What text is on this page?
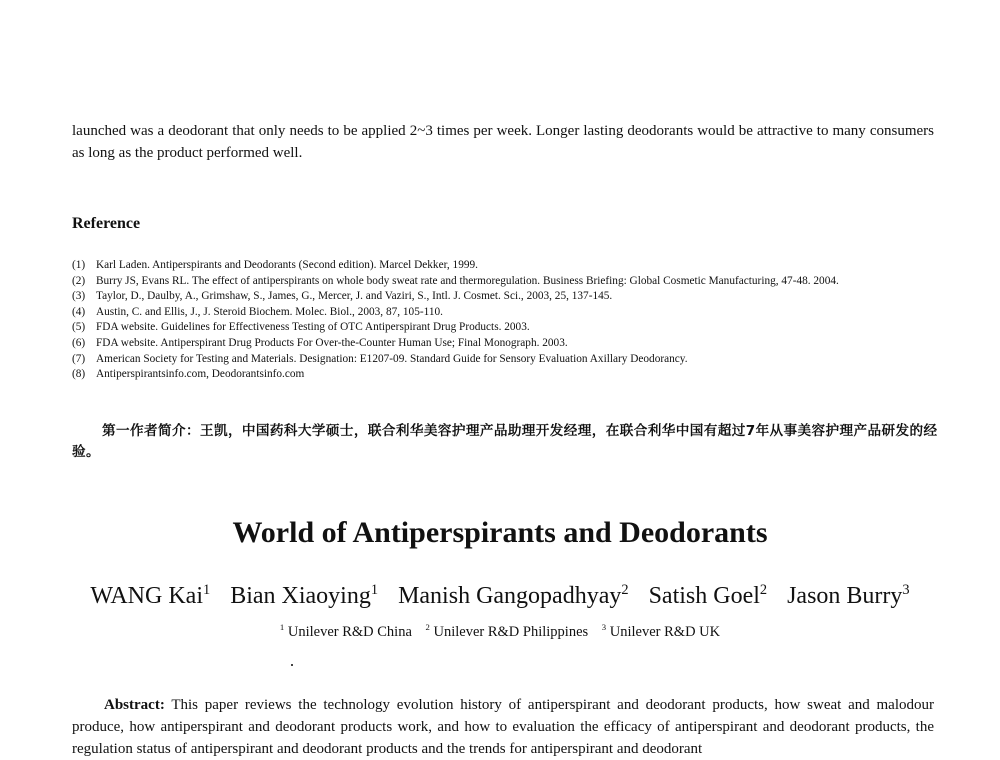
launched was a deodorant that only needs to be applied 2~3 times per week. Longer lasting deodorants would be attractive to many consumers as long as the product performed well.
Reference
(1) Karl Laden. Antiperspirants and Deodorants (Second edition). Marcel Dekker, 1999.
(2) Burry JS, Evans RL. The effect of antiperspirants on whole body sweat rate and thermoregulation. Business Briefing: Global Cosmetic Manufacturing, 47-48. 2004.
(3) Taylor, D., Daulby, A., Grimshaw, S., James, G., Mercer, J. and Vaziri, S., Intl. J. Cosmet. Sci., 2003, 25, 137-145.
(4) Austin, C. and Ellis, J., J. Steroid Biochem. Molec. Biol., 2003, 87, 105-110.
(5) FDA website. Guidelines for Effectiveness Testing of OTC Antiperspirant Drug Products. 2003.
(6) FDA website. Antiperspirant Drug Products For Over-the-Counter Human Use; Final Monograph. 2003.
(7) American Society for Testing and Materials. Designation: E1207-09. Standard Guide for Sensory Evaluation Axillary Deodorancy.
(8) Antiperspirantsinfo.com, Deodorantsinfo.com
第一作者简介：王凯，中国药科大学硕士，联合利华美容护理产品助理开发经理，在联合利华中国有超过7年从事美容护理产品研发的经验。
World of Antiperspirants and Deodorants
WANG Kai$^1$ Bian Xiaoying$^1$ Manish Gangopadhyay$^2$ Satish Goel$^2$ Jason Burry$^3$
$^1$ Unilever R&D China $^2$ Unilever R&D Philippines $^3$ Unilever R&D UK
Abstract: This paper reviews the technology evolution history of antiperspirant and deodorant products, how sweat and malodour produce, how antiperspirant and deodorant products work, and how to evaluation the efficacy of antiperspirant and deodorant products, the regulation status of antiperspirant and deodorant products and the trends for antiperspirant and deodorant
